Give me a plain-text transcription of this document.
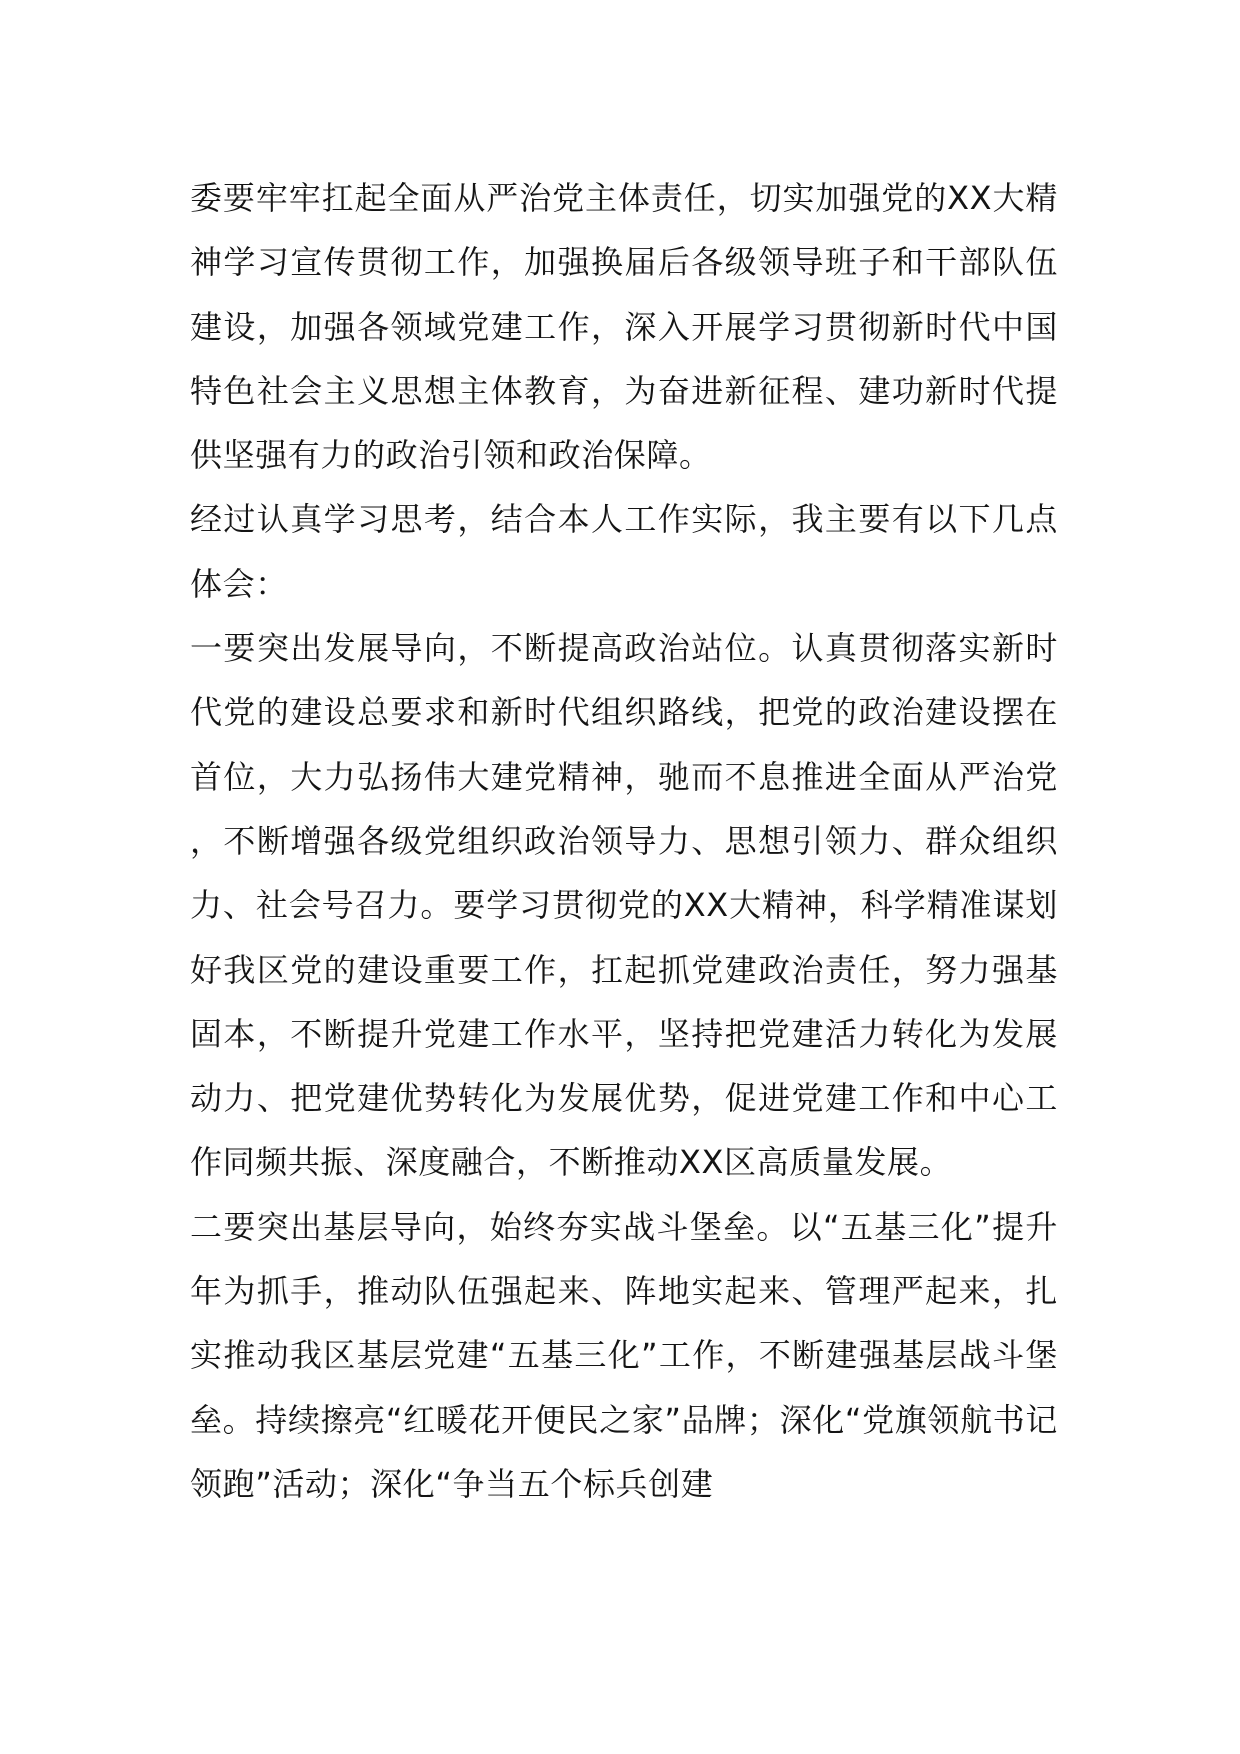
委要牢牢扛起全面从严治党主体责任，切实加强党的XX大精神学习宣传贯彻工作，加强换届后各级领导班子和干部队伍建设，加强各领域党建工作，深入开展学习贯彻新时代中国特色社会主义思想主体教育，为奋进新征程、建功新时代提供坚强有力的政治引领和政治保障。

经过认真学习思考，结合本人工作实际，我主要有以下几点体会：

一要突出发展导向，不断提高政治站位。认真贯彻落实新时代党的建设总要求和新时代组织路线，把党的政治建设摆在首位，大力弘扬伟大建党精神，驰而不息推进全面从严治党，不断增强各级党组织政治领导力、思想引领力、群众组织力、社会号召力。要学习贯彻党的XX大精神，科学精准谋划好我区党的建设重要工作，扛起抓党建政治责任，努力强基固本，不断提升党建工作水平，坚持把党建活力转化为发展动力、把党建优势转化为发展优势，促进党建工作和中心工作同频共振、深度融合，不断推动XX区高质量发展。

二要突出基层导向，始终夯实战斗堡垒。以“五基三化”提升年为抓手，推动队伍强起来、阵地实起来、管理严起来，扎实推动我区基层党建“五基三化”工作，不断建强基层战斗堡垒。持续擦亮“红暖花开便民之家”品牌；深化“党旗领航书记领跑”活动；深化“争当五个标兵创建
